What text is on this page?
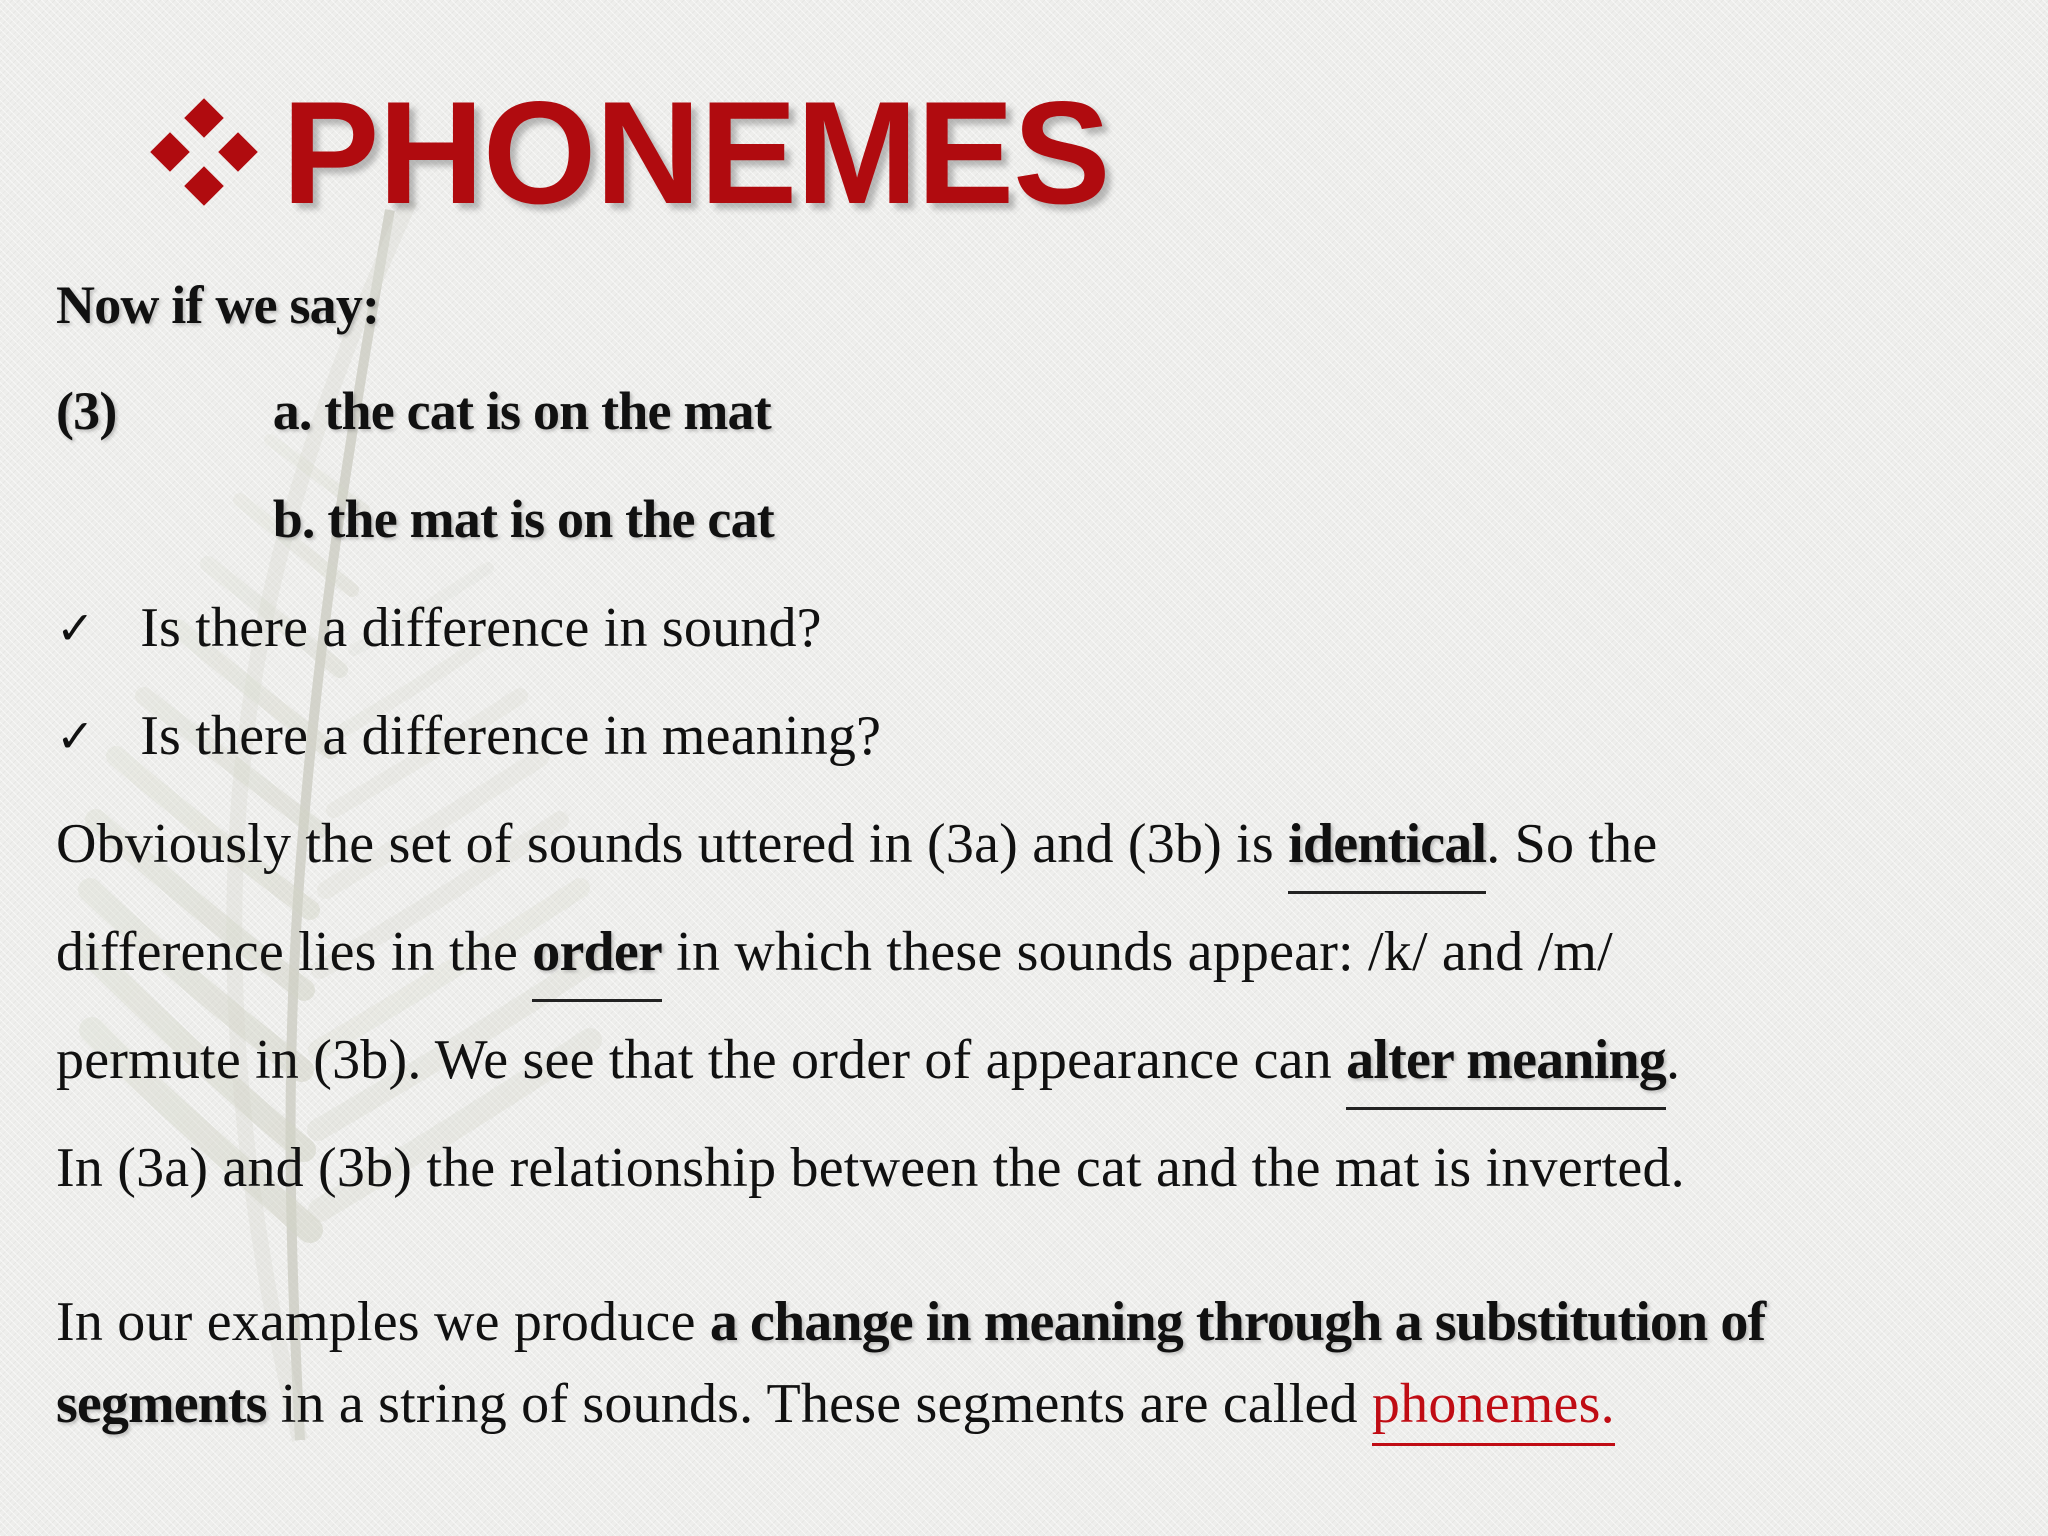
PHONEMES
Now if we say:
(3)	a. the cat is on the mat
b. the mat is on the cat
✓ Is there a difference in sound?
✓ Is there a difference in meaning?
Obviously the set of sounds uttered in (3a) and (3b) is identical. So the
difference lies in the order in which these sounds appear: /k/ and /m/
permute in (3b). We see that the order of appearance can alter meaning.
In (3a) and (3b) the relationship between the cat and the mat is inverted.
In our examples we produce a change in meaning through a substitution of
segments in a string of sounds. These segments are called phonemes.
